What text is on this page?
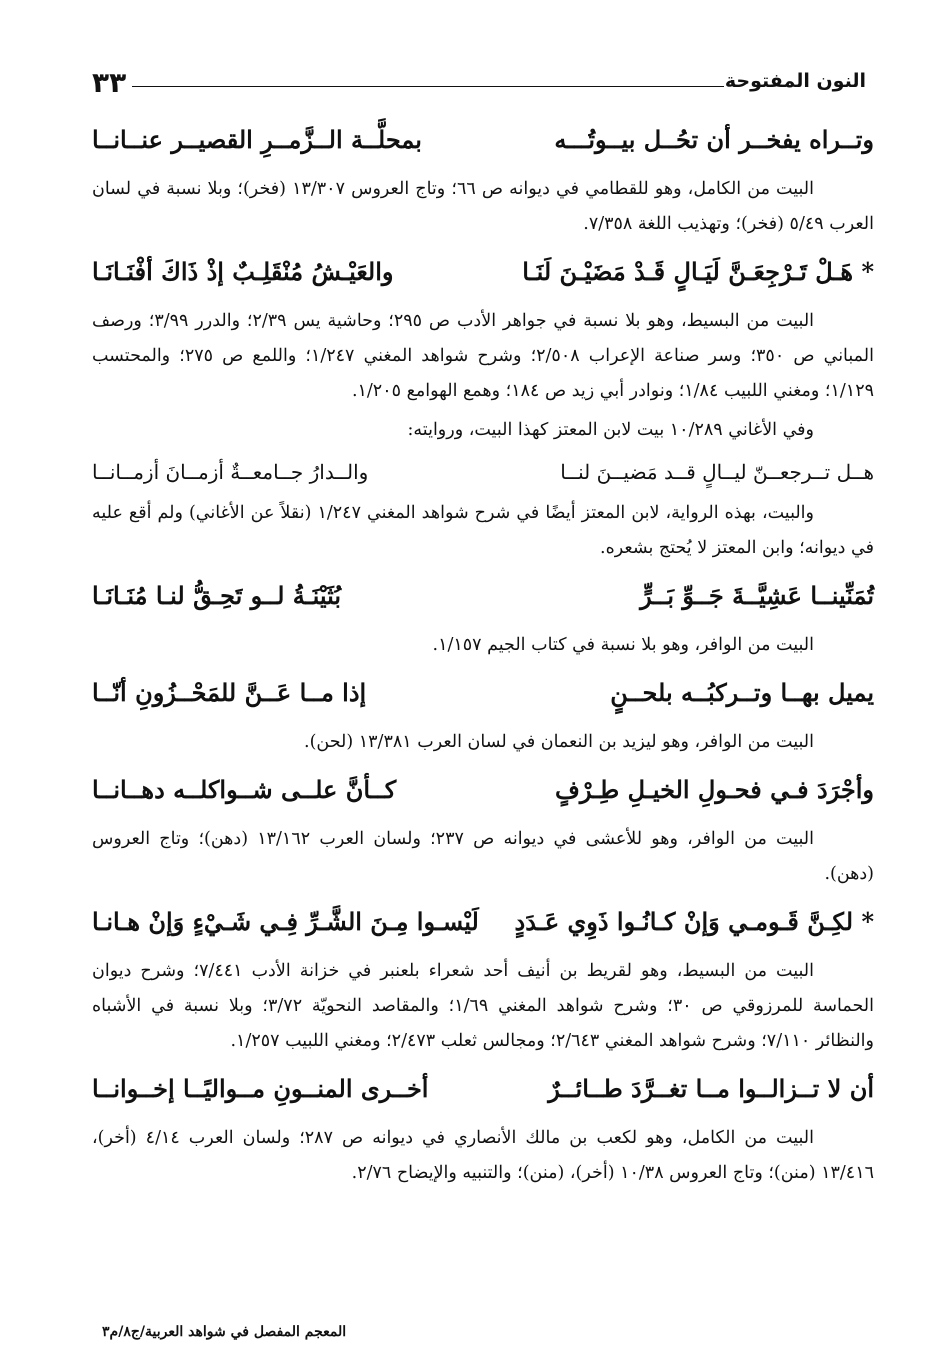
النون المفتوحة
٣٣
وتــراه يفخــر أن تحُــل بيــوتُـــه
بمحلَّــة الــزَّمــرِ القصيــر عنــانــا

البيت من الكامل، وهو للقطامي في ديوانه ص ٦٦؛ وتاج العروس ١٣/٣٠٧ (فخر)؛ وبلا نسبة في لسان العرب ٥/٤٩ (فخر)؛ وتهذيب اللغة ٧/٣٥٨.

* هَـلْ تَـرْجِعَـنَّ لَيَـالٍ قَـدْ مَضَيْـنَ لَنَـا
والعَيْـشُ مُنْقَلِـبٌ إذْ ذَاكَ أفْنَـانَـا

البيت من البسيط، وهو بلا نسبة في جواهر الأدب ص ٢٩٥؛ وحاشية يس ٢/٣٩؛ والدرر ٣/٩٩؛ ورصف المباني ص ٣٥٠؛ وسر صناعة الإعراب ٢/٥٠٨؛ وشرح شواهد المغني ١/٢٤٧؛ واللمع ص ٢٧٥؛ والمحتسب ١/١٢٩؛ ومغني اللبيب ١/٨٤؛ ونوادر أبي زيد ص ١٨٤؛ وهمع الهوامع ١/٢٠٥.

وفي الأغاني ١٠/٢٨٩ بيت لابن المعتز كهذا البيت، وروايته:

هــل تــرجعــنّ ليــالٍ قــد مَضيــنَ لنــا
والــدارُ جــامعــةٌ أزمــانَ أزمــانــا

والبيت، بهذه الرواية، لابن المعتز أيضًا في شرح شواهد المغني ١/٢٤٧ (نقلاً عن الأغاني) ولم أقع عليه في ديوانه؛ وابن المعتز لا يُحتج بشعره.

تُمَنِّينــا عَشِيَّــةَ جَــوِّ بَــرٍّ
بُثَيْنَـةُ لــو تَحِـقُّ لنـا مُنَـانَـا

البيت من الوافر، وهو بلا نسبة في كتاب الجيم ١/١٥٧.

يميل بهــا وتــركبُــه بلحــنٍ
إذا مــا عَــنَّ للمَحْــزُونِ أنّــا

البيت من الوافر، وهو ليزيد بن النعمان في لسان العرب ١٣/٣٨١ (لحن).

وأجْرَدَ فـي فحـولِ الخيـلِ طِـرْفٍ
كــأنَّ علــى شــواكلــه دهــانــا

البيت من الوافر، وهو للأعشى في ديوانه ص ٢٣٧؛ ولسان العرب ١٣/١٦٢ (دهن)؛ وتاج العروس (دهن).

* لكِـنَّ قَـومـي وَإنْ كـانُـوا ذَوِي عَـدَدٍ
لَيْسـوا مِـنَ الشَّـرِّ فِـي شَـيْءٍ وَإنْ هـانـا

البيت من البسيط، وهو لقريط بن أنيف أحد شعراء بلعنبر في خزانة الأدب ٧/٤٤١؛ وشرح ديوان الحماسة للمرزوقي ص ٣٠؛ وشرح شواهد المغني ١/٦٩؛ والمقاصد النحويّة ٣/٧٢؛ وبلا نسبة في الأشباه والنظائر ٧/١١٠؛ وشرح شواهد المغني ٢/٦٤٣؛ ومجالس ثعلب ٢/٤٧٣؛ ومغني اللبيب ١/٢٥٧.

أن لا تــزالــوا مــا تغــرَّدَ طــائــرٌ
أخــرى المنــونِ مــواليًــا إخــوانــا

البيت من الكامل، وهو لكعب بن مالك الأنصاري في ديوانه ص ٢٨٧؛ ولسان العرب ٤/١٤ (أخر)، ١٣/٤١٦ (منن)؛ وتاج العروس ١٠/٣٨ (أخر)، (منن)؛ والتنبيه والإيضاح ٢/٧٦.

المعجم المفصل في شواهد العربية/ج٨/م٣
